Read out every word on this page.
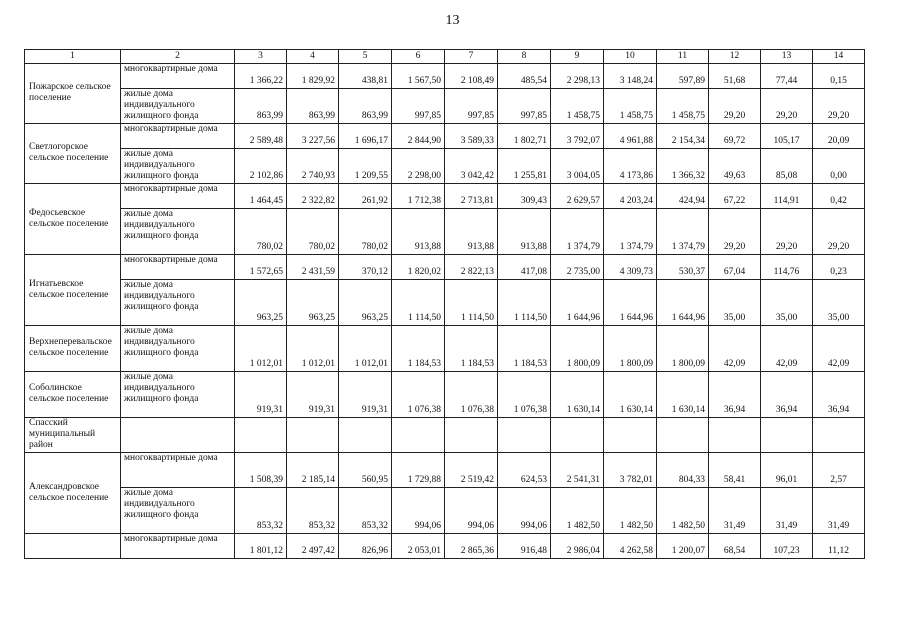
13
1	2	3	4	5	6	7	8	9	10	11	12	13	14
Пожарское сельское поселение	многоквартирные дома	1 366,22	1 829,92	438,81	1 567,50	2 108,49	485,54	2 298,13	3 148,24	597,89	51,68	77,44	0,15
	жилые дома индивидуального жилищного фонда	863,99	863,99	863,99	997,85	997,85	997,85	1 458,75	1 458,75	1 458,75	29,20	29,20	29,20
Светлогорское сельское поселение	многоквартирные дома	2 589,48	3 227,56	1 696,17	2 844,90	3 589,33	1 802,71	3 792,07	4 961,88	2 154,34	69,72	105,17	20,09
	жилые дома индивидуального жилищного фонда	2 102,86	2 740,93	1 209,55	2 298,00	3 042,42	1 255,81	3 004,05	4 173,86	1 366,32	49,63	85,08	0,00
Федосьевское сельское поселение	многоквартирные дома	1 464,45	2 322,82	261,92	1 712,38	2 713,81	309,43	2 629,57	4 203,24	424,94	67,22	114,91	0,42
	жилые дома индивидуального жилищного фонда	780,02	780,02	780,02	913,88	913,88	913,88	1 374,79	1 374,79	1 374,79	29,20	29,20	29,20
Игнатьевское сельское поселение	многоквартирные дома	1 572,65	2 431,59	370,12	1 820,02	2 822,13	417,08	2 735,00	4 309,73	530,37	67,04	114,76	0,23
	жилые дома индивидуального жилищного фонда	963,25	963,25	963,25	1 114,50	1 114,50	1 114,50	1 644,96	1 644,96	1 644,96	35,00	35,00	35,00
Верхнеперевальское сельское поселение	жилые дома индивидуального жилищного фонда	1 012,01	1 012,01	1 012,01	1 184,53	1 184,53	1 184,53	1 800,09	1 800,09	1 800,09	42,09	42,09	42,09
Соболинское сельское поселение	жилые дома индивидуального жилищного фонда	919,31	919,31	919,31	1 076,38	1 076,38	1 076,38	1 630,14	1 630,14	1 630,14	36,94	36,94	36,94
Спасский муниципальный район													
Александровское сельское поселение	многоквартирные дома	1 508,39	2 185,14	560,95	1 729,88	2 519,42	624,53	2 541,31	3 782,01	804,33	58,41	96,01	2,57
	жилые дома индивидуального жилищного фонда	853,32	853,32	853,32	994,06	994,06	994,06	1 482,50	1 482,50	1 482,50	31,49	31,49	31,49
	многоквартирные дома	1 801,12	2 497,42	826,96	2 053,01	2 865,36	916,48	2 986,04	4 262,58	1 200,07	68,54	107,23	11,12
